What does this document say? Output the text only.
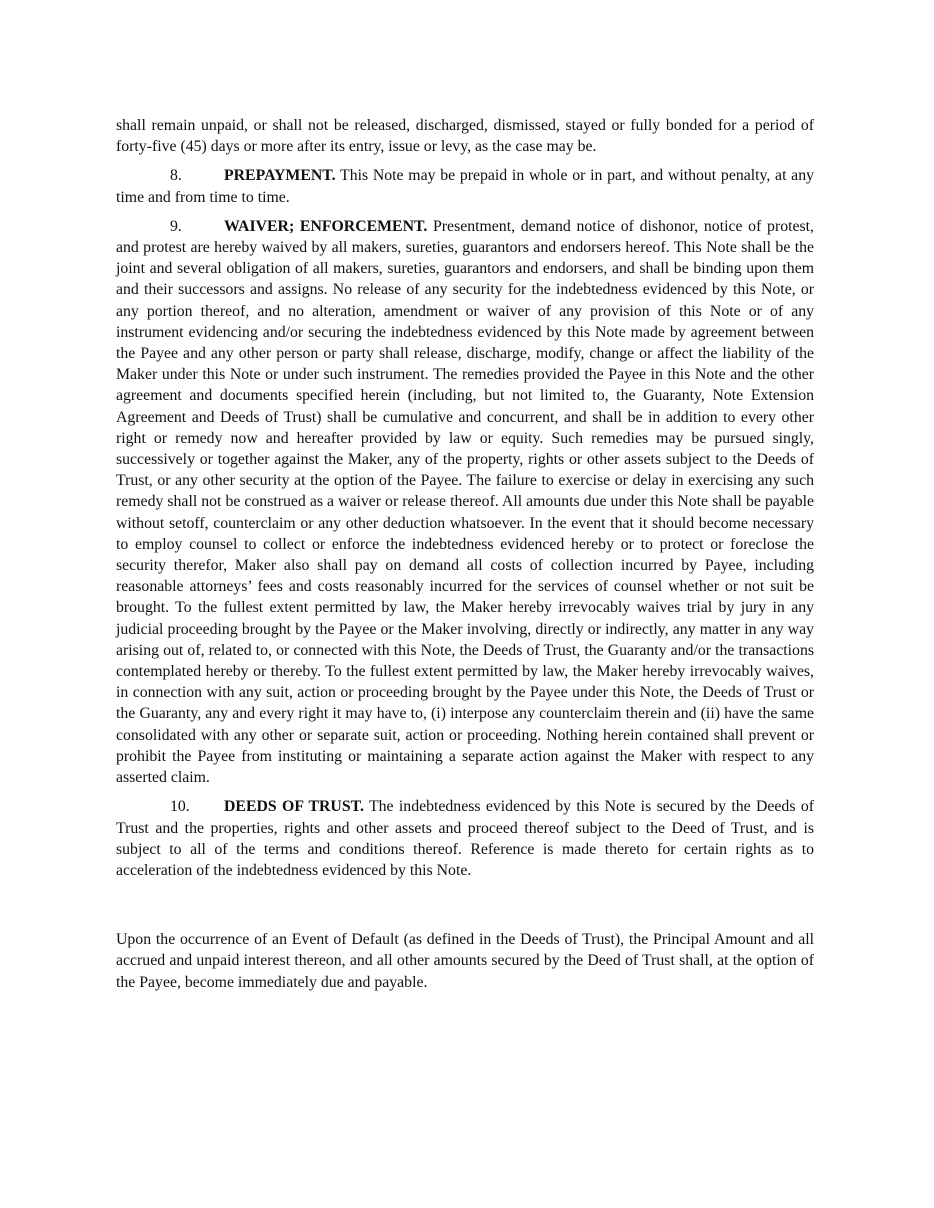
shall remain unpaid, or shall not be released, discharged, dismissed, stayed or fully bonded for a period of forty-five (45) days or more after its entry, issue or levy, as the case may be.

8.	PREPAYMENT. This Note may be prepaid in whole or in part, and without penalty, at any time and from time to time.

9.	WAIVER; ENFORCEMENT. Presentment, demand notice of dishonor, notice of protest, and protest are hereby waived by all makers, sureties, guarantors and endorsers hereof. This Note shall be the joint and several obligation of all makers, sureties, guarantors and endorsers, and shall be binding upon them and their successors and assigns. No release of any security for the indebtedness evidenced by this Note, or any portion thereof, and no alteration, amendment or waiver of any provision of this Note or of any instrument evidencing and/or securing the indebtedness evidenced by this Note made by agreement between the Payee and any other person or party shall release, discharge, modify, change or affect the liability of the Maker under this Note or under such instrument. The remedies provided the Payee in this Note and the other agreement and documents specified herein (including, but not limited to, the Guaranty, Note Extension Agreement and Deeds of Trust) shall be cumulative and concurrent, and shall be in addition to every other right or remedy now and hereafter provided by law or equity. Such remedies may be pursued singly, successively or together against the Maker, any of the property, rights or other assets subject to the Deeds of Trust, or any other security at the option of the Payee. The failure to exercise or delay in exercising any such remedy shall not be construed as a waiver or release thereof. All amounts due under this Note shall be payable without setoff, counterclaim or any other deduction whatsoever. In the event that it should become necessary to employ counsel to collect or enforce the indebtedness evidenced hereby or to protect or foreclose the security therefor, Maker also shall pay on demand all costs of collection incurred by Payee, including reasonable attorneys’ fees and costs reasonably incurred for the services of counsel whether or not suit be brought. To the fullest extent permitted by law, the Maker hereby irrevocably waives trial by jury in any judicial proceeding brought by the Payee or the Maker involving, directly or indirectly, any matter in any way arising out of, related to, or connected with this Note, the Deeds of Trust, the Guaranty and/or the transactions contemplated hereby or thereby. To the fullest extent permitted by law, the Maker hereby irrevocably waives, in connection with any suit, action or proceeding brought by the Payee under this Note, the Deeds of Trust or the Guaranty, any and every right it may have to, (i) interpose any counterclaim therein and (ii) have the same consolidated with any other or separate suit, action or proceeding. Nothing herein contained shall prevent or prohibit the Payee from instituting or maintaining a separate action against the Maker with respect to any asserted claim.

10. DEEDS OF TRUST. The indebtedness evidenced by this Note is secured by the Deeds of Trust and the properties, rights and other assets and proceed thereof subject to the Deed of Trust, and is subject to all of the terms and conditions thereof. Reference is made thereto for certain rights as to acceleration of the indebtedness evidenced by this Note.

Upon the occurrence of an Event of Default (as defined in the Deeds of Trust), the Principal Amount and all accrued and unpaid interest thereon, and all other amounts secured by the Deed of Trust shall, at the option of the Payee, become immediately due and payable.
